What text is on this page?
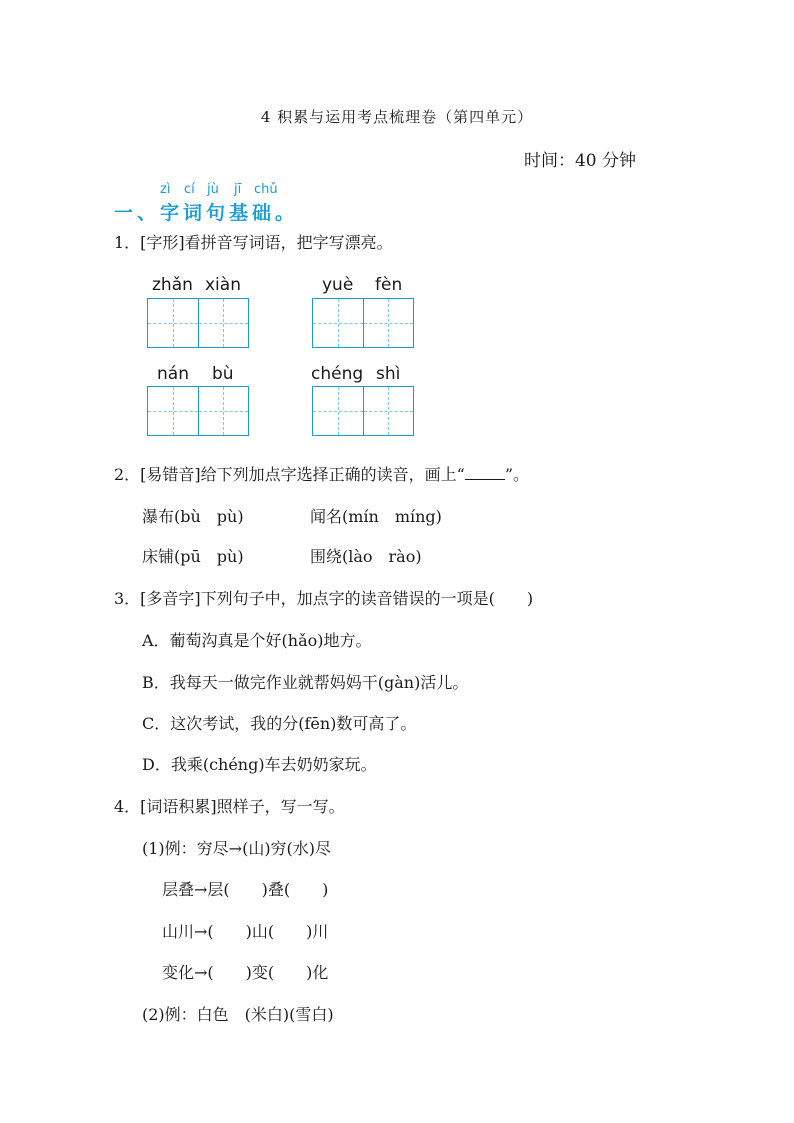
4 积累与运用考点梳理卷（第四单元）
时间：40 分钟
zì cí jù jī chǔ
一、字词句基础。
1．[字形]看拼音写词语，把字写漂亮。
zhǎn xiàn	yuè fèn
nán bù	chéng shì
2．[易错音]给下列加点字选择正确的读音，画上“	”。
瀑布(bù　pù)	闻名(mín　míng)
床铺(pū　pù)	围绕(lào　rào)
3．[多音字]下列句子中，加点字的读音错误的一项是(　　)
A．葡萄沟真是个好(hǎo)地方。
B．我每天一做完作业就帮妈妈干(gàn)活儿。
C．这次考试，我的分(fēn)数可高了。
D．我乘(chéng)车去奶奶家玩。
4．[词语积累]照样子，写一写。
(1)例：穷尽→(山)穷(水)尽
层叠→层(　　)叠(　　)
山川→(　　)山(　　)川
变化→(　　)变(　　)化
(2)例：白色　(米白)(雪白)
